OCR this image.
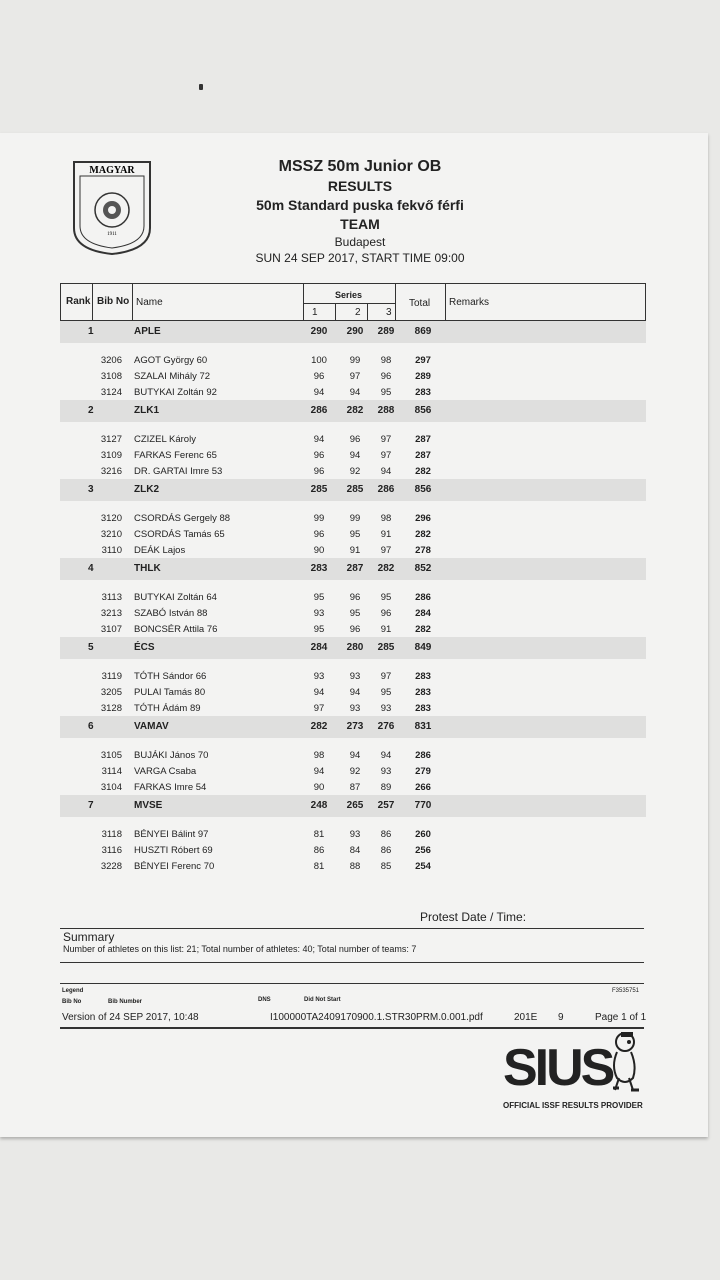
MAGYAR
1911
MSSZ 50m Junior OB
RESULTS
50m Standard puska fekvő férfi
TEAM
Budapest
SUN 24 SEP 2017, START TIME 09:00
Rank Bib No Name
Series
1	2	3
Total Remarks
1	APLE	290	290	289	869
3206 AGOT György 60	100	99	98	297
3108 SZALAI Mihály 72	96	97	96	289
3124 BUTYKAI Zoltán 92	94	94	95	283
2	ZLK1	286	282	288	856
3127 CZIZEL Károly	94	96	97	287
3109 FARKAS Ferenc 65	96	94	97	287
3216 DR. GARTAI Imre 53	96	92	94	282
3	ZLK2	285	285	286	856
3120 CSORDÁS Gergely 88	99	99	98	296
3210 CSORDÁS Tamás 65	96	95	91	282
3110 DEÁK Lajos	90	91	97	278
4	THLK	283	287	282	852
3113 BUTYKAI Zoltán 64	95	96	95	286
3213 SZABÓ István 88	93	95	96	284
3107 BONCSÉR Attila 76	95	96	91	282
5	ÉCS	284	280	285	849
3119 TÓTH Sándor 66	93	93	97	283
3205 PULAI Tamás 80	94	94	95	283
3128 TÓTH Ádám 89	97	93	93	283
6	VAMAV	282	273	276	831
3105 BUJÁKI János 70	98	94	94	286
3114 VARGA Csaba	94	92	93	279
3104 FARKAS Imre 54	90	87	89	266
7	MVSE	248	265	257	770
3118 BÉNYEI Bálint 97	81	93	86	260
3116 HUSZTI Róbert 69	86	84	86	256
3228 BÉNYEI Ferenc 70	81	88	85	254
Protest Date / Time:
Summary
Number of athletes on this list: 21; Total number of athletes: 40; Total number of teams: 7
Legend	F3535751
Bib No	Bib Number	DNS	Did Not Start
Version of 24 SEP 2017, 10:48	I100000TA2409170900.1.STR30PRM.0.001.pdf	201E 9	Page 1 of 1
SIUS
OFFICIAL ISSF RESULTS PROVIDER
